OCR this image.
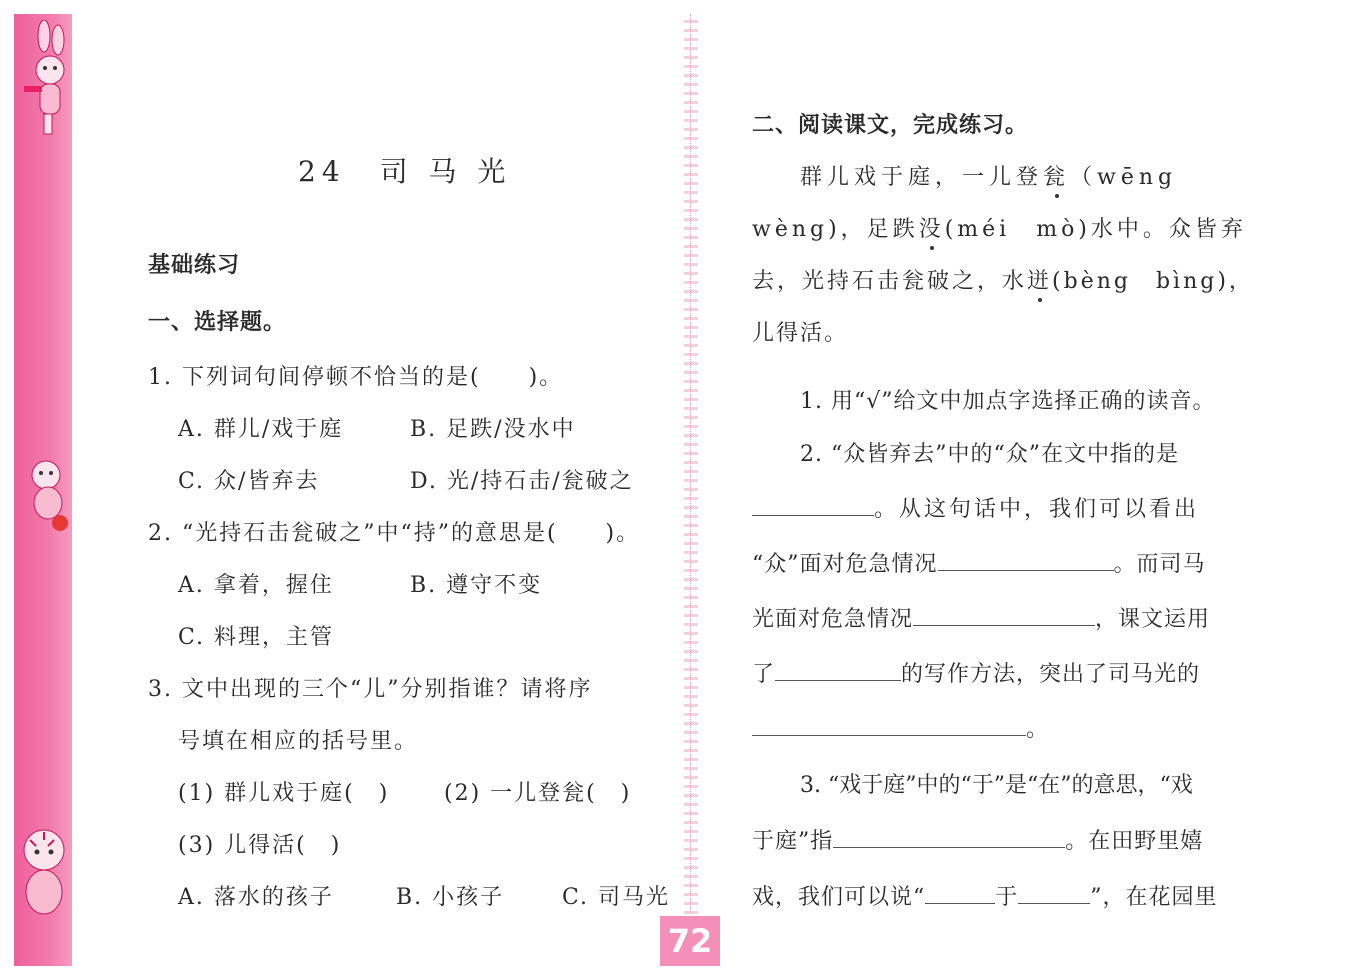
24　司 马 光
基础练习
一、选择题。
1. 下列词句间停顿不恰当的是(　　)。
A. 群儿/戏于庭	B. 足跌/没水中
C. 众/皆弃去	D. 光/持石击/瓮破之
2. “光持石击瓮破之”中“持”的意思是(　　)。
A. 拿着，握住	B. 遵守不变
C. 料理，主管
3. 文中出现的三个“儿”分别指谁？请将序
号填在相应的括号里。
(1) 群儿戏于庭(　) (2) 一儿登瓮(　)
(3) 儿得活(　)
A. 落水的孩子	B. 小孩子	C. 司马光
二、阅读课文，完成练习。
群儿戏于庭，一儿登瓮（wēng
wèng)，足跌没(méi　mò)水中。众皆弃
去，光持石击瓮破之，水迸(bèng　bìng)，
儿得活。
1. 用“√”给文中加点字选择正确的读音。
2. “众皆弃去”中的“众”在文中指的是
。从这句话中，我们可以看出
“众”面对危急情况	。而司马
光面对危急情况	，课文运用
了	的写作方法，突出了司马光的
。
3. “戏于庭”中的“于”是“在”的意思，“戏
于庭”指	。在田野里嬉
戏，我们可以说“	于	”，在花园里
72
